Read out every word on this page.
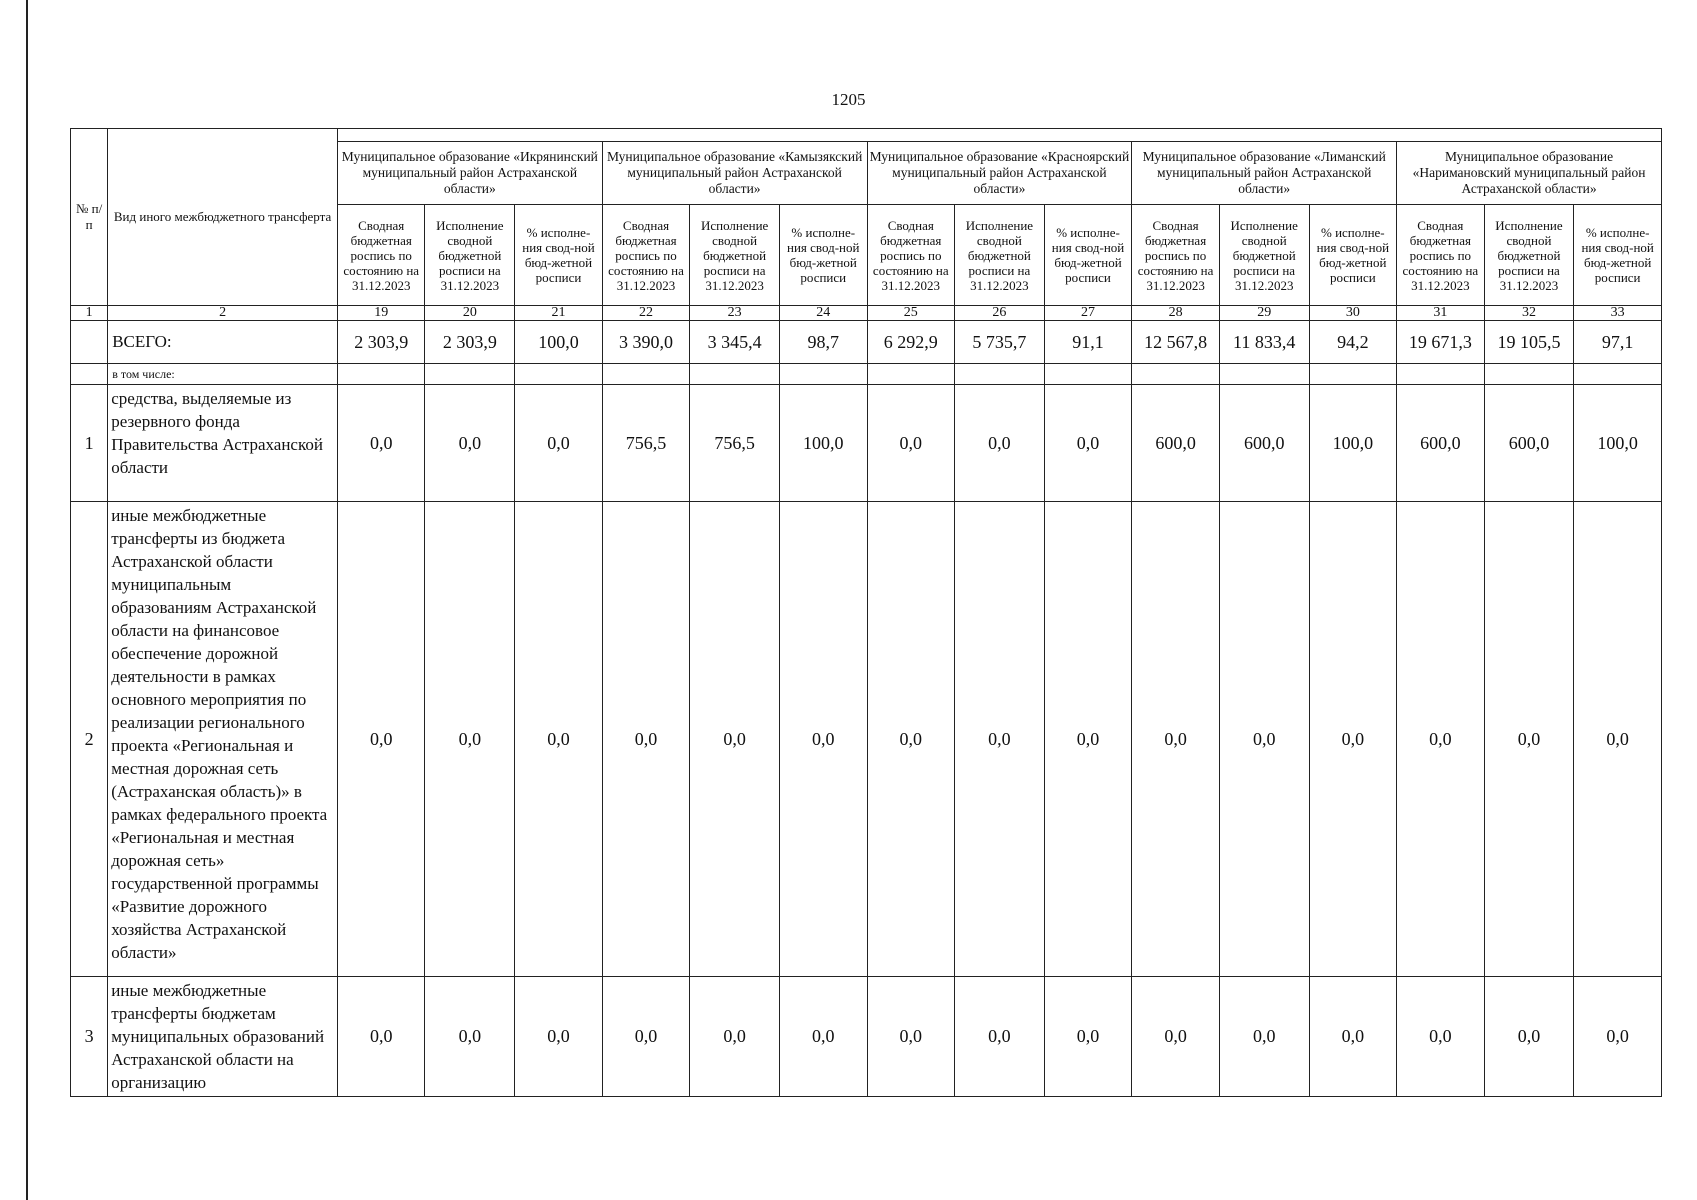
1205
№ п/п	Вид иного межбюджетного трансферта															
		Муниципальное образование «Икрянинский муниципальный район Астраханской области»			Муниципальное образование «Камызякский муниципальный район Астраханской области»			Муниципальное образование «Красноярский муниципальный район Астраханской области»			Муниципальное образование «Лиманский муниципальный район Астраханской области»			Муниципальное образование «Наримановский муниципальный район Астраханской области»		
		Сводная бюджетная роспись по состоянию на 31.12.2023	Исполнение сводной бюджетной росписи на 31.12.2023	% исполне-ния свод-ной бюд-жетной росписи	Сводная бюджетная роспись по состоянию на 31.12.2023	Исполнение сводной бюджетной росписи на 31.12.2023	% исполне-ния свод-ной бюд-жетной росписи	Сводная бюджетная роспись по состоянию на 31.12.2023	Исполнение сводной бюджетной росписи на 31.12.2023	% исполне-ния свод-ной бюд-жетной росписи	Сводная бюджетная роспись по состоянию на 31.12.2023	Исполнение сводной бюджетной росписи на 31.12.2023	% исполне-ния свод-ной бюд-жетной росписи	Сводная бюджетная роспись по состоянию на 31.12.2023	Исполнение сводной бюджетной росписи на 31.12.2023	% исполне-ния свод-ной бюд-жетной росписи
1	2	19	20	21	22	23	24	25	26	27	28	29	30	31	32	33
	ВСЕГО:	2 303,9	2 303,9	100,0	3 390,0	3 345,4	98,7	6 292,9	5 735,7	91,1	12 567,8	11 833,4	94,2	19 671,3	19 105,5	97,1
	в том числе:															
1	средства, выделяемые из резервного фонда Правительства Астраханской области	0,0	0,0	0,0	756,5	756,5	100,0	0,0	0,0	0,0	600,0	600,0	100,0	600,0	600,0	100,0
2	иные межбюджетные трансферты из бюджета Астраханской области муниципальным образованиям Астраханской области на финансовое обеспечение дорожной деятельности в рамках основного мероприятия по реализации регионального проекта «Региональная и местная дорожная сеть (Астраханская область)» в рамках федерального проекта «Региональная и местная дорожная сеть» государственной программы «Развитие дорожного хозяйства Астраханской области»	0,0	0,0	0,0	0,0	0,0	0,0	0,0	0,0	0,0	0,0	0,0	0,0	0,0	0,0	0,0
3	иные межбюджетные трансферты бюджетам муниципальных образований Астраханской области на организацию	0,0	0,0	0,0	0,0	0,0	0,0	0,0	0,0	0,0	0,0	0,0	0,0	0,0	0,0	0,0
